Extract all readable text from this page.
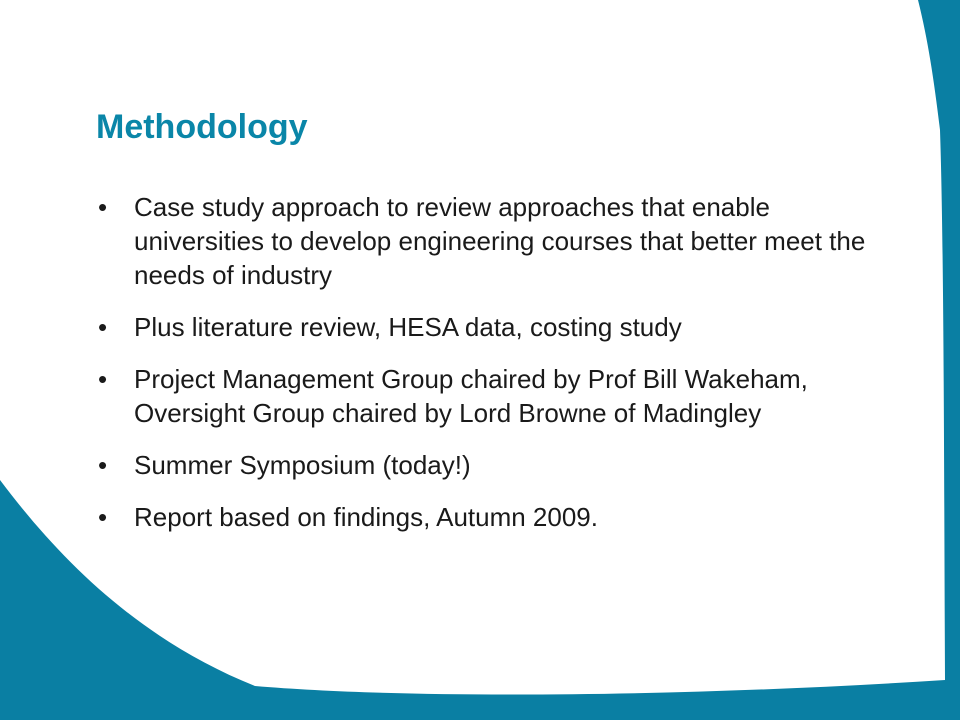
Methodology
• Case study approach to review approaches that enable universities to develop engineering courses that better meet the needs of industry
• Plus literature review, HESA data, costing study
• Project Management Group chaired by Prof Bill Wakeham, Oversight Group chaired by Lord Browne of Madingley
• Summer Symposium (today!)
• Report based on findings, Autumn 2009.
